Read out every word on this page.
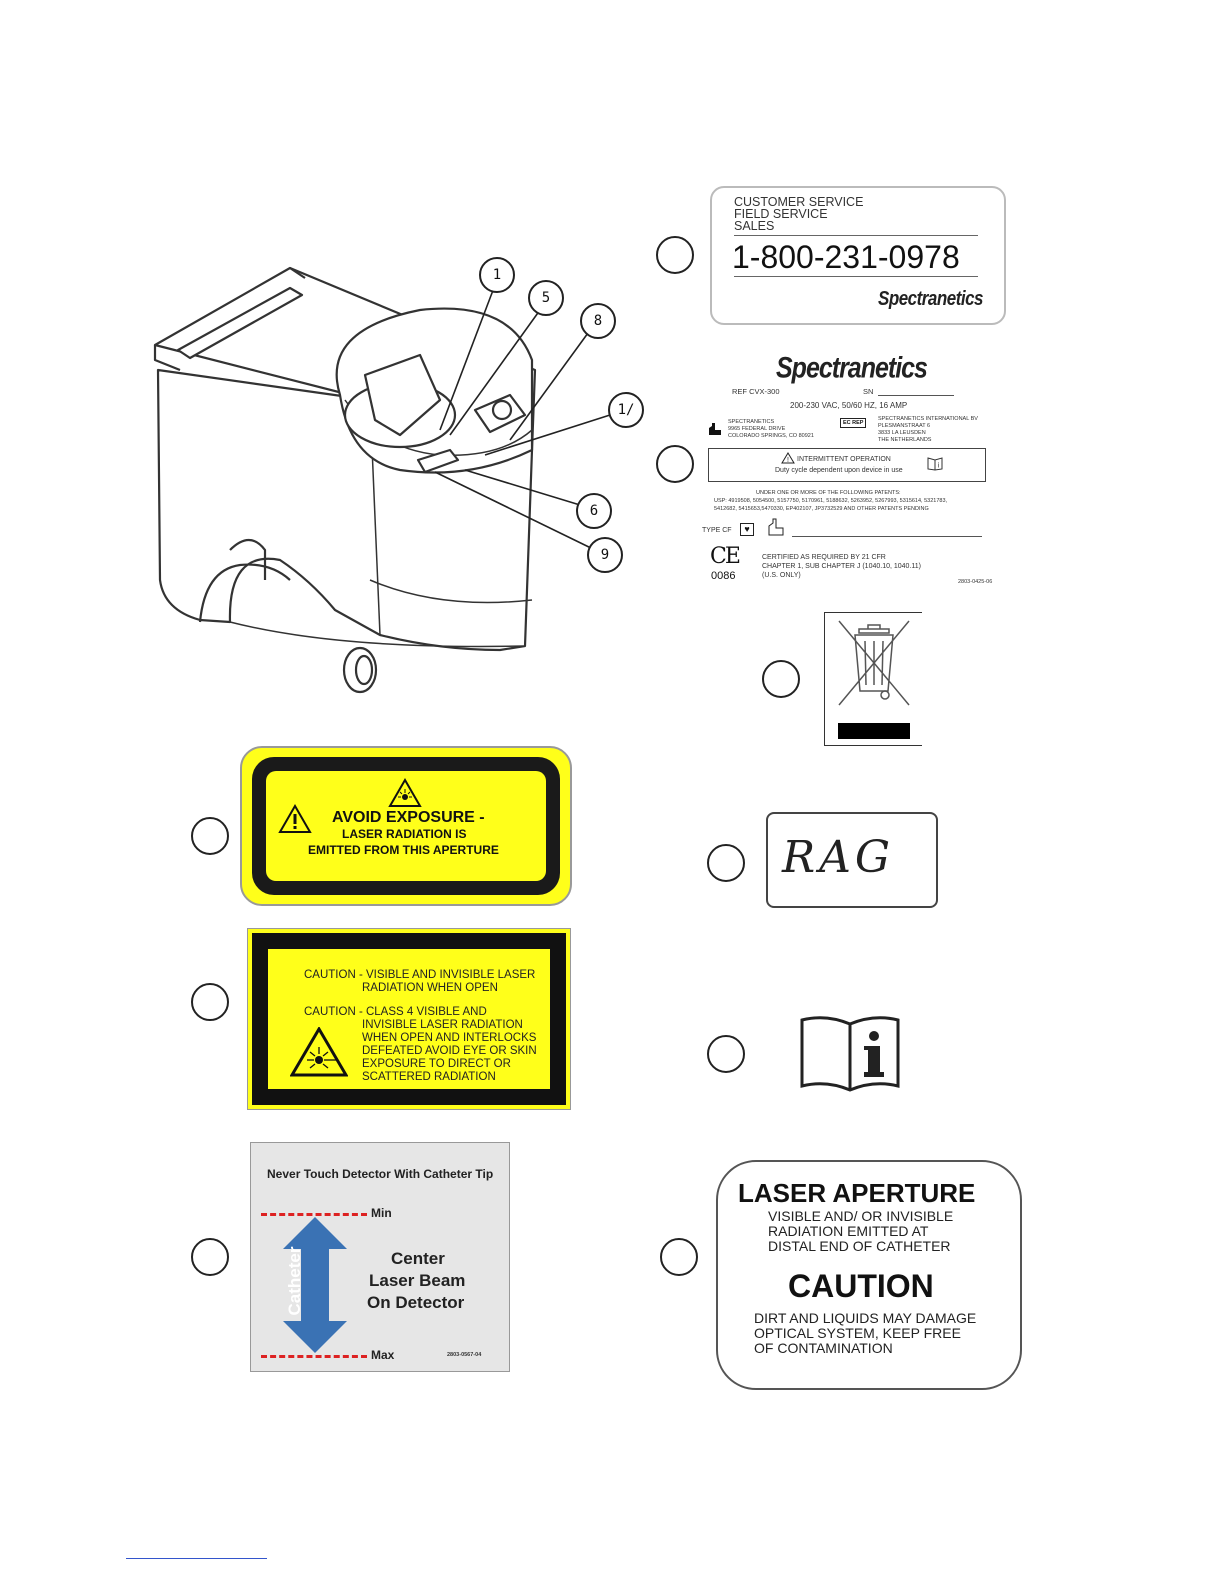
1
5
8
1/
6
9
CUSTOMER SERVICE
FIELD SERVICE
SALES
1-800-231-0978
Spectranetics
Spectranetics
REF CVX-300	SN
200-230 VAC, 50/60 HZ, 16 AMP
SPECTRANETICS
9965 FEDERAL DRIVE
COLORADO SPRINGS, CO 80921
EC REP
SPECTRANETICS INTERNATIONAL BV
PLESMANSTRAAT 6
3833 LA LEUSDEN
THE NETHERLANDS
! INTERMITTENT OPERATION
Duty cycle dependent upon device in use
i
UNDER ONE OR MORE OF THE FOLLOWING PATENTS:
USP: 4919508, 5054500, 5157750, 5170961, 5188632, 5263952, 5267993, 5315614, 5321783,
5412682, 5415653,5470330, EP402107, JP3732529 AND OTHER PATENTS PENDING
TYPE CF	♥
CE
0086
CERTIFIED AS REQUIRED BY 21 CFR
CHAPTER 1, SUB CHAPTER J (1040.10, 1040.11)
(U.S. ONLY)
2803-0425-06
AVOID EXPOSURE -
LASER RADIATION IS
EMITTED FROM THIS APERTURE	RAG
CAUTION - VISIBLE AND INVISIBLE LASER
RADIATION WHEN OPEN
CAUTION - CLASS 4 VISIBLE AND
INVISIBLE LASER RADIATION
WHEN OPEN AND INTERLOCKS
DEFEATED AVOID EYE OR SKIN
EXPOSURE TO DIRECT OR
SCATTERED RADIATION
Never Touch Detector With Catheter Tip
Min
Catheter	Center
Laser Beam
On Detector
Max	2803-0567-04
LASER APERTURE
VISIBLE AND/ OR INVISIBLE
RADIATION EMITTED AT
DISTAL END OF CATHETER
CAUTION
DIRT AND LIQUIDS MAY DAMAGE
OPTICAL SYSTEM, KEEP FREE
OF CONTAMINATION
